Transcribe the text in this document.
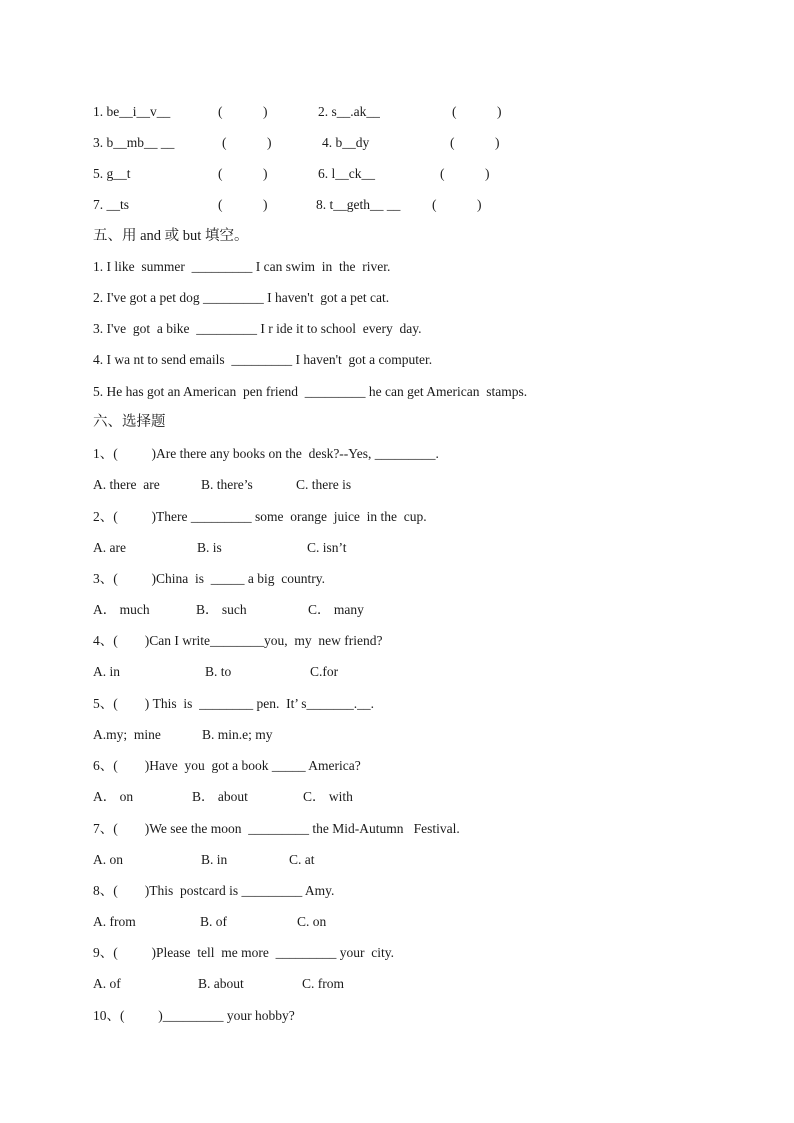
1. be__i__v__	(            )	2. s__.ak__	(            )
3. b__mb__ __	(            )	4. b__dy	(            )
5. g__t	(            )	6. l__ck__	(            )
7. __ts	(            )	8. t__geth__ __ (            )
五、用 and 或 but 填空。
1. I like  summer  _________ I can swim  in  the  river.
2. I've got a pet dog _________ I haven't  got a pet cat.
3. I've  got  a bike  _________ I r ide it to school  every  day.
4. I wa nt to send emails  _________ I haven't  got a computer.
5. He has got an American  pen friend  _________ he can get American  stamps.
六、选择题
1、(          )Are there any books on the  desk?--Yes, _________.
A. there  are	B. there’s	C. there is
2、(          )There _________ some  orange  juice  in the  cup.
A. are	B. is	C. isn’t
3、(          )China  is  _____ a big  country.
A． much	B． such	C． many
4、(        )Can I write________you,  my  new friend?
A. in	B. to	C.for
5、(        ) This  is  ________ pen.  It’ s_______.__.
A.my;  mine	B. min.e; my
6、(        )Have  you  got a book _____ America?
A． on	B． about	C． with
7、(        )We see the moon  _________ the Mid-Autumn   Festival.
A. on	B. in	C. at
8、(        )This  postcard is _________ Amy.
A. from	B. of	C. on
9、(          )Please  tell  me more  _________ your  city.
A. of	B. about	C. from
10、(          )_________ your hobby?
